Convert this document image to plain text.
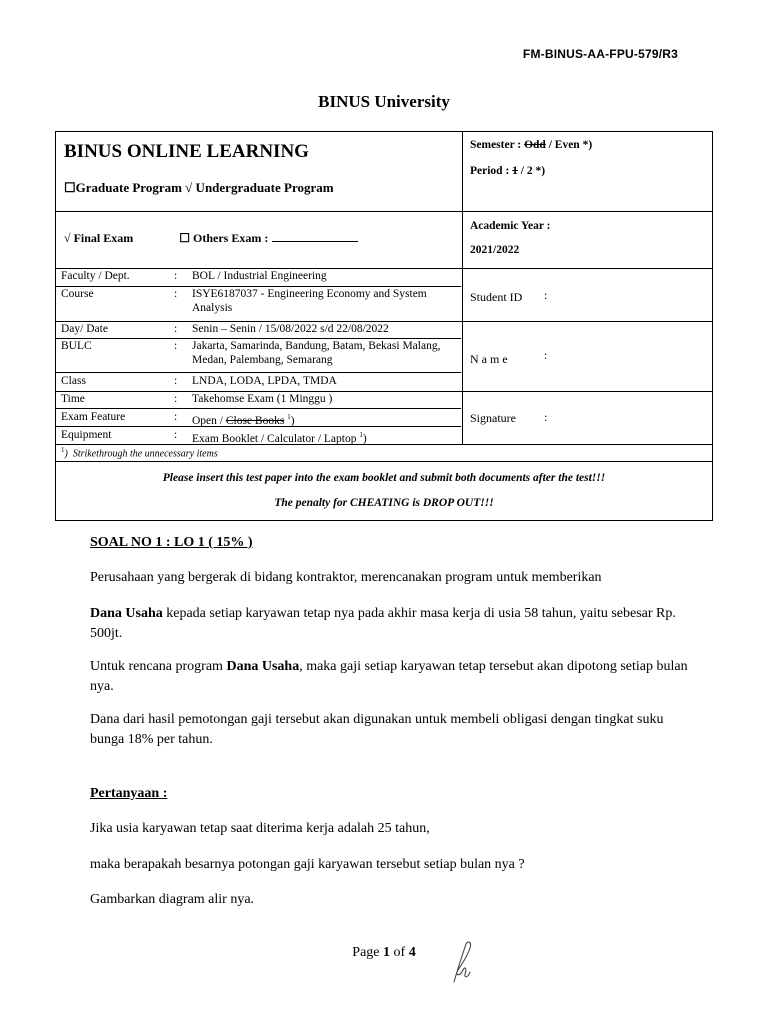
FM-BINUS-AA-FPU-579/R3
BINUS University
BINUS ONLINE LEARNING
☐Graduate Program √ Undergraduate Program
Semester : Odd / Even *)
Period : 1 / 2 *)
√ Final Exam	☐ Others Exam :
Academic Year :
2021/2022
Faculty / Dept.	: BOL / Industrial Engineering
Course	: ISYE6187037 - Engineering Economy and System Analysis
Day/ Date	: Senin – Senin / 15/08/2022 s/d 22/08/2022
BULC	: Jakarta, Samarinda, Bandung, Batam, Bekasi Malang, Medan, Palembang, Semarang
Class	: LNDA, LODA, LPDA, TMDA
Time	: Takehomse Exam (1 Minggu )
Exam Feature	: Open / Close Books $^1$)
Equipment	: Exam Booklet / Calculator / Laptop $^1$)
Student ID :
N a m e	:
Signature :
$^1$) Strikethrough the unnecessary items
Please insert this test paper into the exam booklet and submit both documents after the test!!!
The penalty for CHEATING is DROP OUT!!!
SOAL NO 1 : LO 1 ( 15% )
Perusahaan yang bergerak di bidang kontraktor, merencanakan program untuk memberikan
Dana Usaha kepada setiap karyawan tetap nya pada akhir masa kerja di usia 58 tahun, yaitu sebesar Rp. 500jt.
Untuk rencana program Dana Usaha, maka gaji setiap karyawan tetap tersebut akan dipotong setiap bulan nya.
Dana dari hasil pemotongan gaji tersebut akan digunakan untuk membeli obligasi dengan tingkat suku bunga 18% per tahun.
Pertanyaan :
Jika usia karyawan tetap saat diterima kerja adalah 25 tahun,
maka berapakah besarnya potongan gaji karyawan tersebut setiap bulan nya ?
Gambarkan diagram alir nya.
Page 1 of 4
